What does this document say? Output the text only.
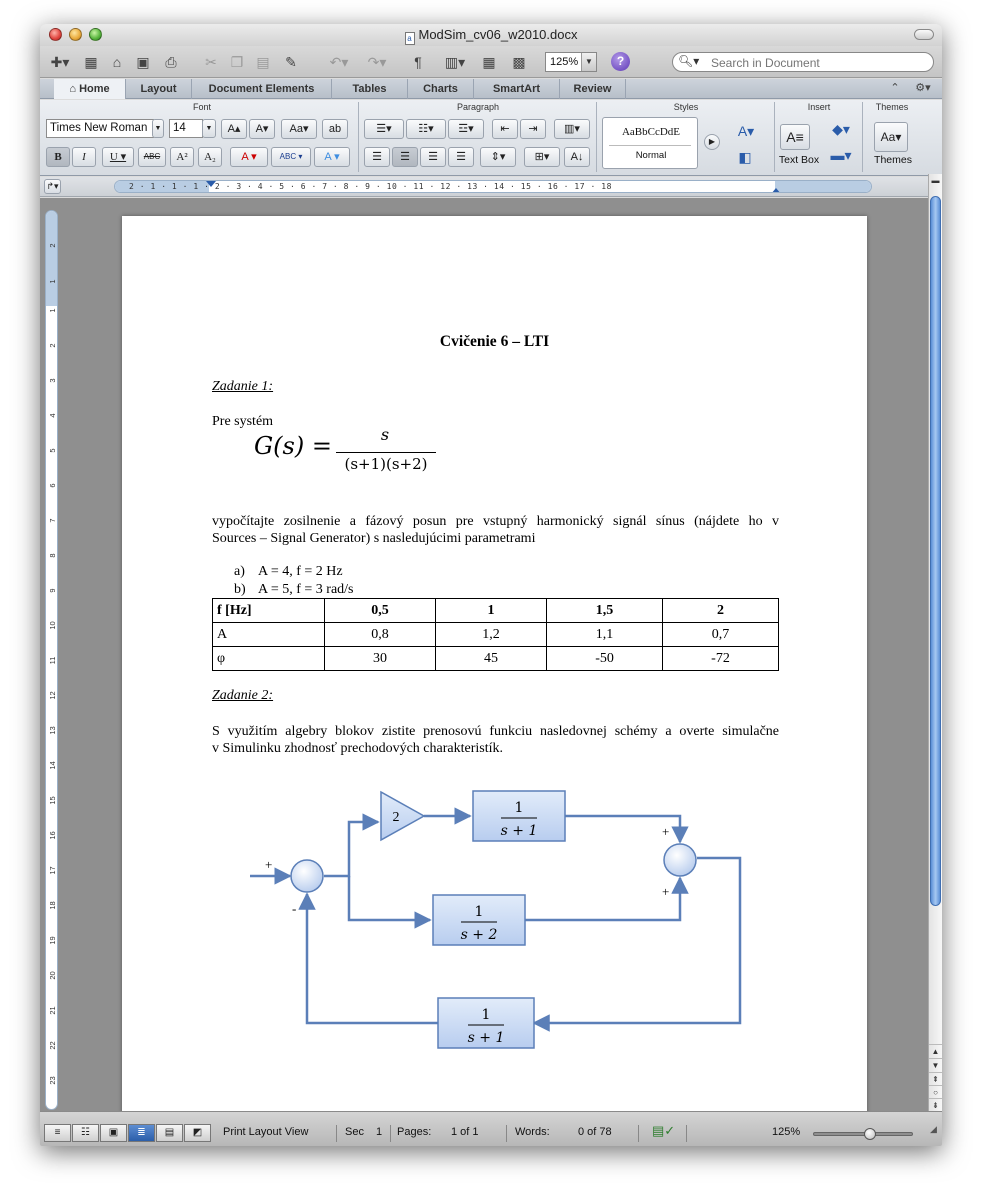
a ModSim_cv06_w2010.docx
✚▾	▦	⌂	▣	⎙	✂ ❐ ▤	✎	↶▾	↷▾	¶	▥▾	▦	▩	125% ▼	?	🔍︎▾
Search in Document
⌂ Home	Layout	Document Elements	Tables	Charts	SmartArt	Review	⌃	⚙▾
Font	Paragraph	Styles	Insert	Themes
Times New Roman	▼	14	▼	A▴	A▾	Aa▾	ab
B	I	U ▾	ABC	A²	A₂	A ▾	ABC ▾	A ▾
☰▾	☷▾	☲▾	⇤	⇥	▥▾
☰	☰	☰	☰	⇕▾	⊞▾	A↓
AaBbCcDdE
Normal
▶
A▾
◧
A≡
Text Box
◆▾
▬▾
Aa▾
Themes
↱▾	2 · 1 · 1 · 1 · 2 · 3 · 4 · 5 · 6 · 7 · 8 · 9 · 10 · 11 · 12 · 13 · 14 · 15 · 16 · 17 · 18
2
1
1
2
3
4
5
6
7
8
9
10
11
12
13
14
15
16
17
18
19
20
21
22
23
Cvičenie 6 – LTI
Zadanie 1:
Pre systém
G(s) =	s
(s+1)(s+2)
vypočítajte zosilnenie a fázový posun pre vstupný harmonický signál sínus (nájdete ho v
Sources – Signal Generator) s nasledujúcimi parametrami
a) A = 4, f = 2 Hz
b) A = 5, f = 3 rad/s
f [Hz]	0,5	1	1,5	2
A	0,8	1,2	1,1	0,7
φ	30	45	-50	-72
Zadanie 2:
S využitím algebry blokov zistite prenosovú funkciu nasledovnej schémy a overte simulačne
v Simulinku zhodnosť prechodových charakteristík.
2
1
s + 1
1
s + 2
1
s + 1
+
-
+
+
▬
▲
▼
⇞
○
⇟
≡	☷	▣	≣	▤	◩	Print Layout View	Sec 1 Pages: 1 of 1	Words:	0 of 78	▤✓	125%	◢
